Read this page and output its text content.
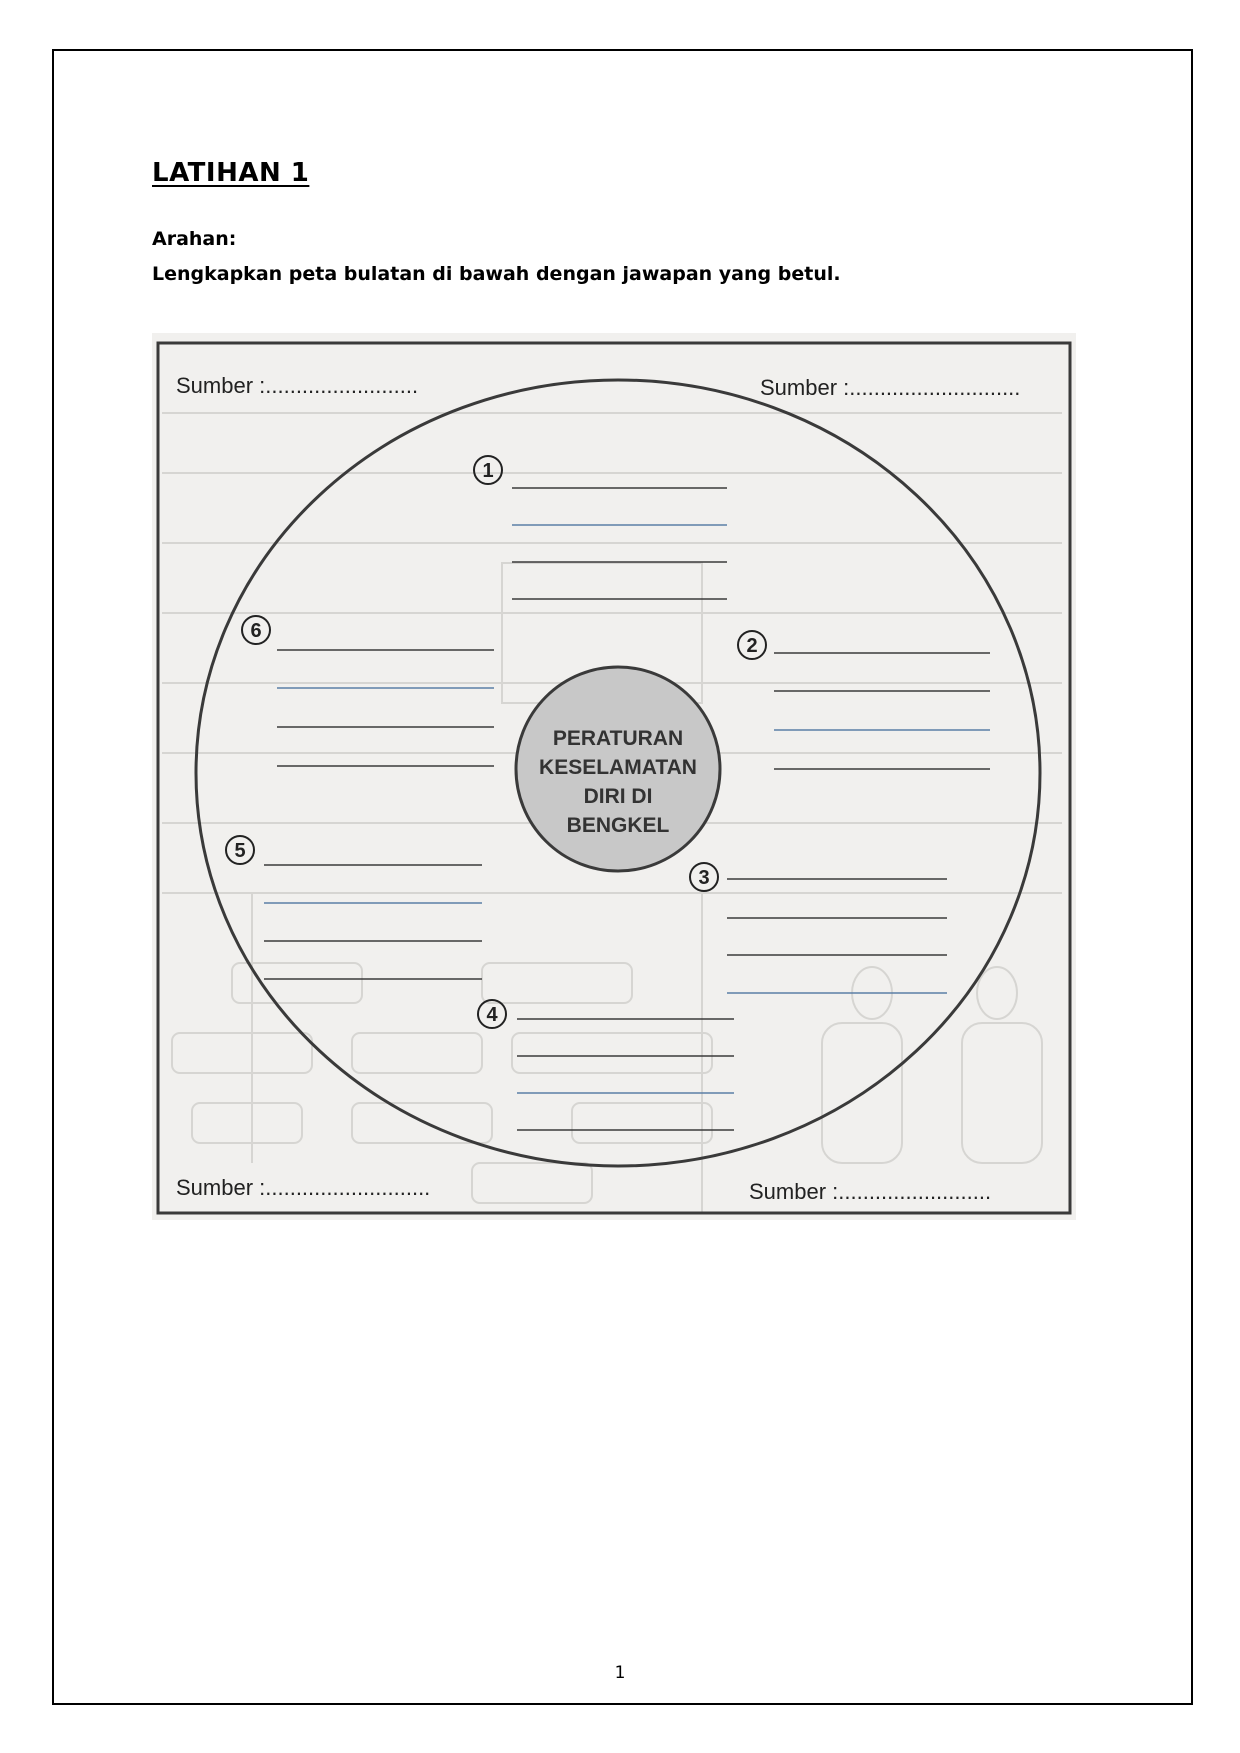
LATIHAN 1

Arahan:

Lengkapkan peta bulatan di bawah dengan jawapan yang betul.

PERATURAN
KESELAMATAN
DIRI DI
BENGKEL
Sumber :.........................	Sumber :............................
Sumber :...........................	Sumber :.........................
1
2
3
4
5
6

1
